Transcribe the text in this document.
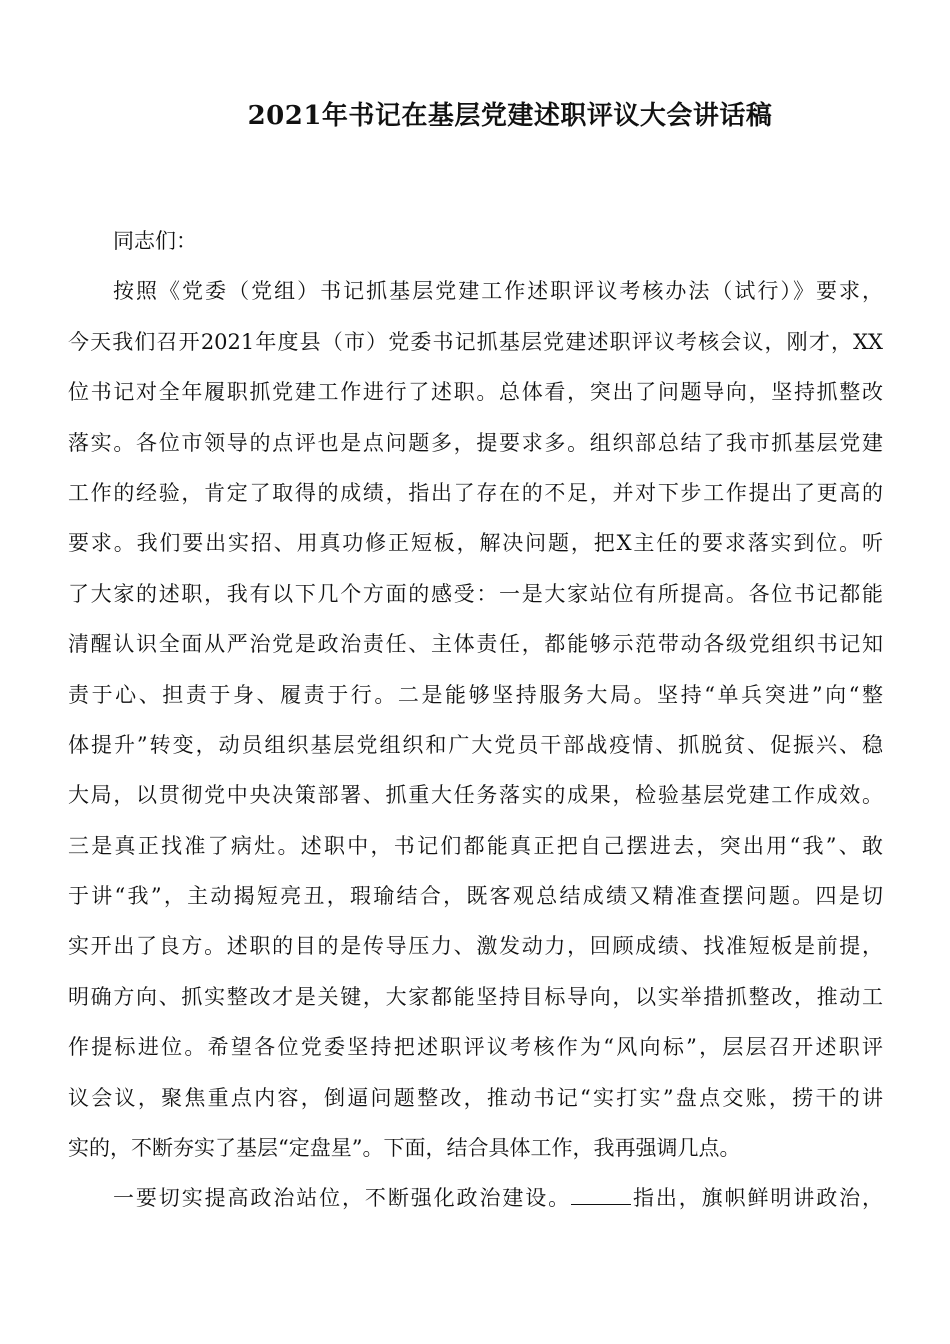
2021年书记在基层党建述职评议大会讲话稿
同志们：
按照《党委（党组）书记抓基层党建工作述职评议考核办法（试行）》要求，
今天我们召开2021年度县（市）党委书记抓基层党建述职评议考核会议，刚才，XX
位书记对全年履职抓党建工作进行了述职。总体看，突出了问题导向，坚持抓整改
落实。各位市领导的点评也是点问题多，提要求多。组织部总结了我市抓基层党建
工作的经验，肯定了取得的成绩，指出了存在的不足，并对下步工作提出了更高的
要求。我们要出实招、用真功修正短板，解决问题，把X主任的要求落实到位。听
了大家的述职，我有以下几个方面的感受：一是大家站位有所提高。各位书记都能
清醒认识全面从严治党是政治责任、主体责任，都能够示范带动各级党组织书记知
责于心、担责于身、履责于行。二是能够坚持服务大局。坚持“单兵突进”向“整
体提升”转变，动员组织基层党组织和广大党员干部战疫情、抓脱贫、促振兴、稳
大局，以贯彻党中央决策部署、抓重大任务落实的成果，检验基层党建工作成效。
三是真正找准了病灶。述职中，书记们都能真正把自己摆进去，突出用“我”、敢
于讲“我”，主动揭短亮丑，瑕瑜结合，既客观总结成绩又精准查摆问题。四是切
实开出了良方。述职的目的是传导压力、激发动力，回顾成绩、找准短板是前提，
明确方向、抓实整改才是关键，大家都能坚持目标导向，以实举措抓整改，推动工
作提标进位。希望各位党委坚持把述职评议考核作为“风向标”，层层召开述职评
议会议，聚焦重点内容，倒逼问题整改，推动书记“实打实”盘点交账，捞干的讲
实的，不断夯实了基层“定盘星”。下面，结合具体工作，我再强调几点。
一要切实提高政治站位，不断强化政治建设。	指出，旗帜鲜明讲政治，
